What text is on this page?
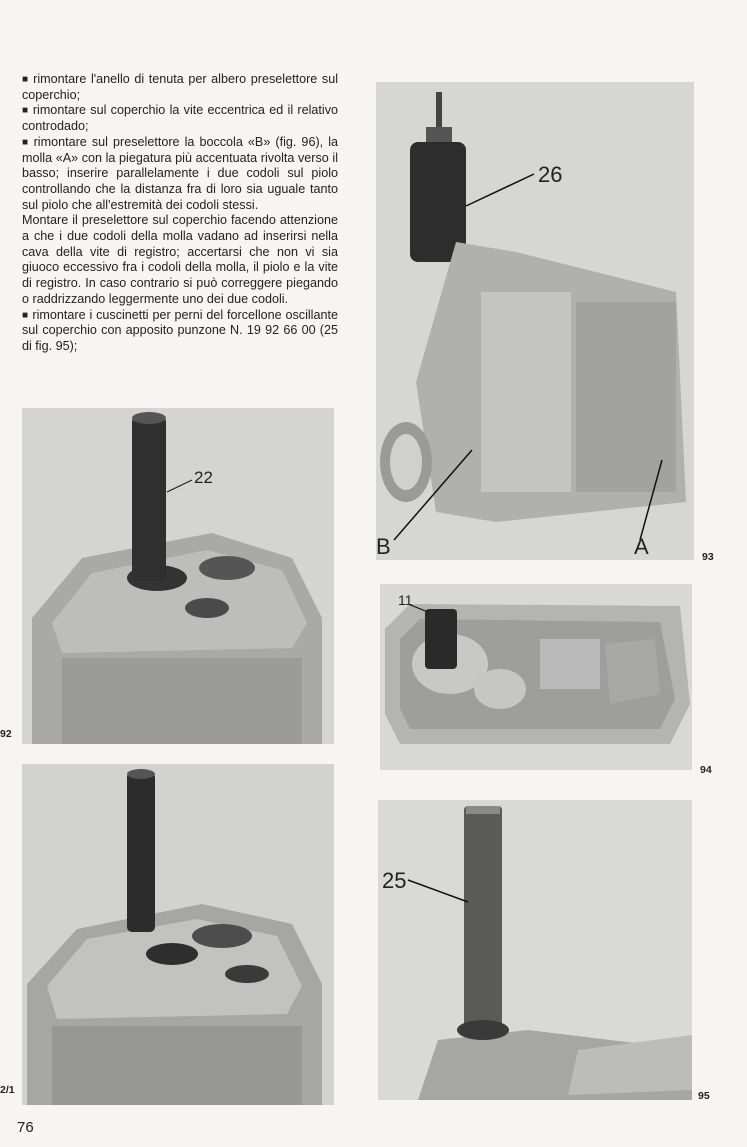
■ rimontare l'anello di tenuta per albero preselettore sul coperchio;

■ rimontare sul coperchio la vite eccentrica ed il relativo controdado;

■ rimontare sul preselettore la boccola «B» (fig. 96), la molla «A» con la piegatura più accentuata rivolta verso il basso; inserire parallelamente i due codoli sul piolo controllando che la distanza fra di loro sia uguale tanto sul piolo che all'estremità dei codoli stessi.

Montare il preselettore sul coperchio facendo attenzione a che i due codoli della molla vadano ad inserirsi nella cava della vite di registro; accertarsi che non vi sia giuoco eccessivo fra i codoli della molla, il piolo e la vite di registro. In caso contrario si può correggere piegando o raddrizzando leggermente uno dei due codoli.

■ rimontare i cuscinetti per perni del forcellone oscillante sul coperchio con apposito punzone N. 19 92 66 00 (25 di fig. 95);

22
92
2/1
26
B	A	93
11
94
25
95
76
